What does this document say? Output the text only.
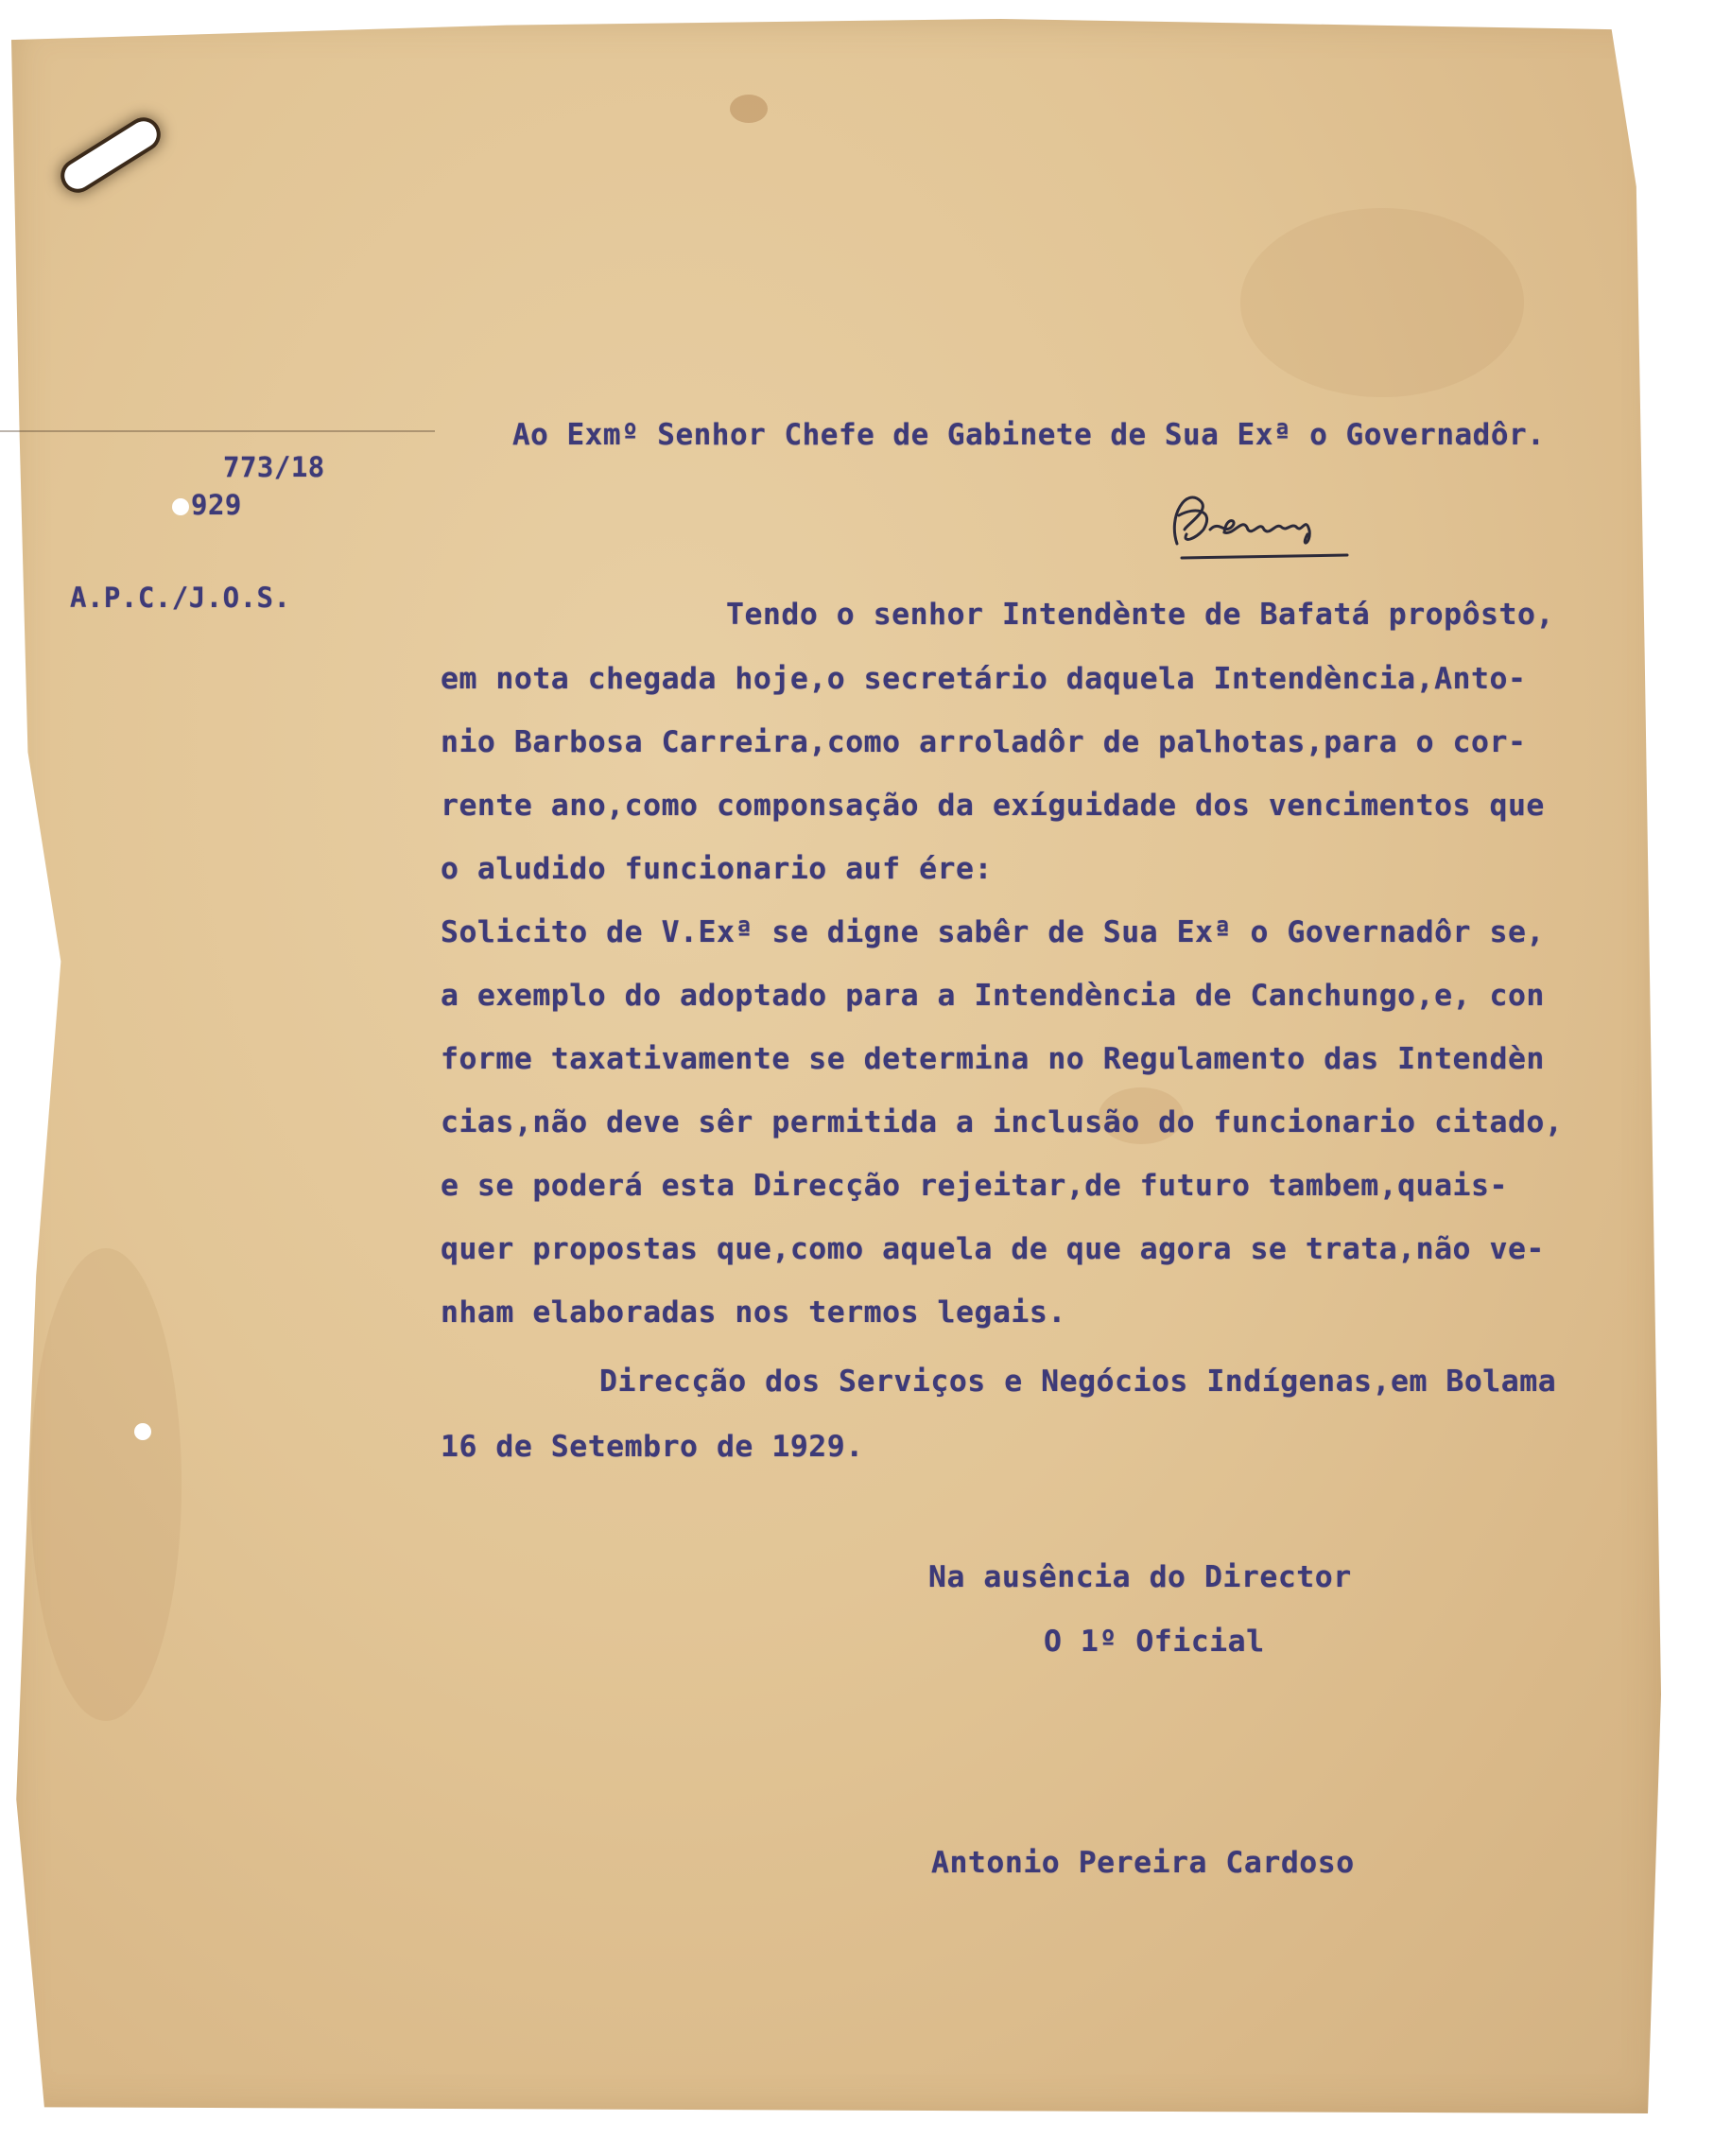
773/18

929

A.P.C./J.O.S.

Ao Exmº Senhor Chefe de Gabinete de Sua Exª o Governadôr.

Tendo o senhor Intendènte de Bafatá propôsto,

em nota chegada hoje,o secretário daquela Intendència,Anto-

nio Barbosa Carreira,como arroladôr de palhotas,para o cor-

rente ano,como componsação da exíguidade dos vencimentos que

o aludido funcionario auf ére:

Solicito de V.Exª se digne sabêr de Sua Exª o Governadôr se,

a exemplo do adoptado para a Intendència de Canchungo,e, con

forme taxativamente se determina no Regulamento das Intendèn

cias,não deve sêr permitida a inclusão do funcionario citado,

e se poderá esta Direcção rejeitar,de futuro tambem,quais-

quer propostas que,como aquela de que agora se trata,não ve-

nham elaboradas nos termos legais.

Direcção dos Serviços e Negócios Indígenas,em Bolama

16 de Setembro de 1929.

Na ausência do Director

O 1º Oficial

Antonio Pereira Cardoso
